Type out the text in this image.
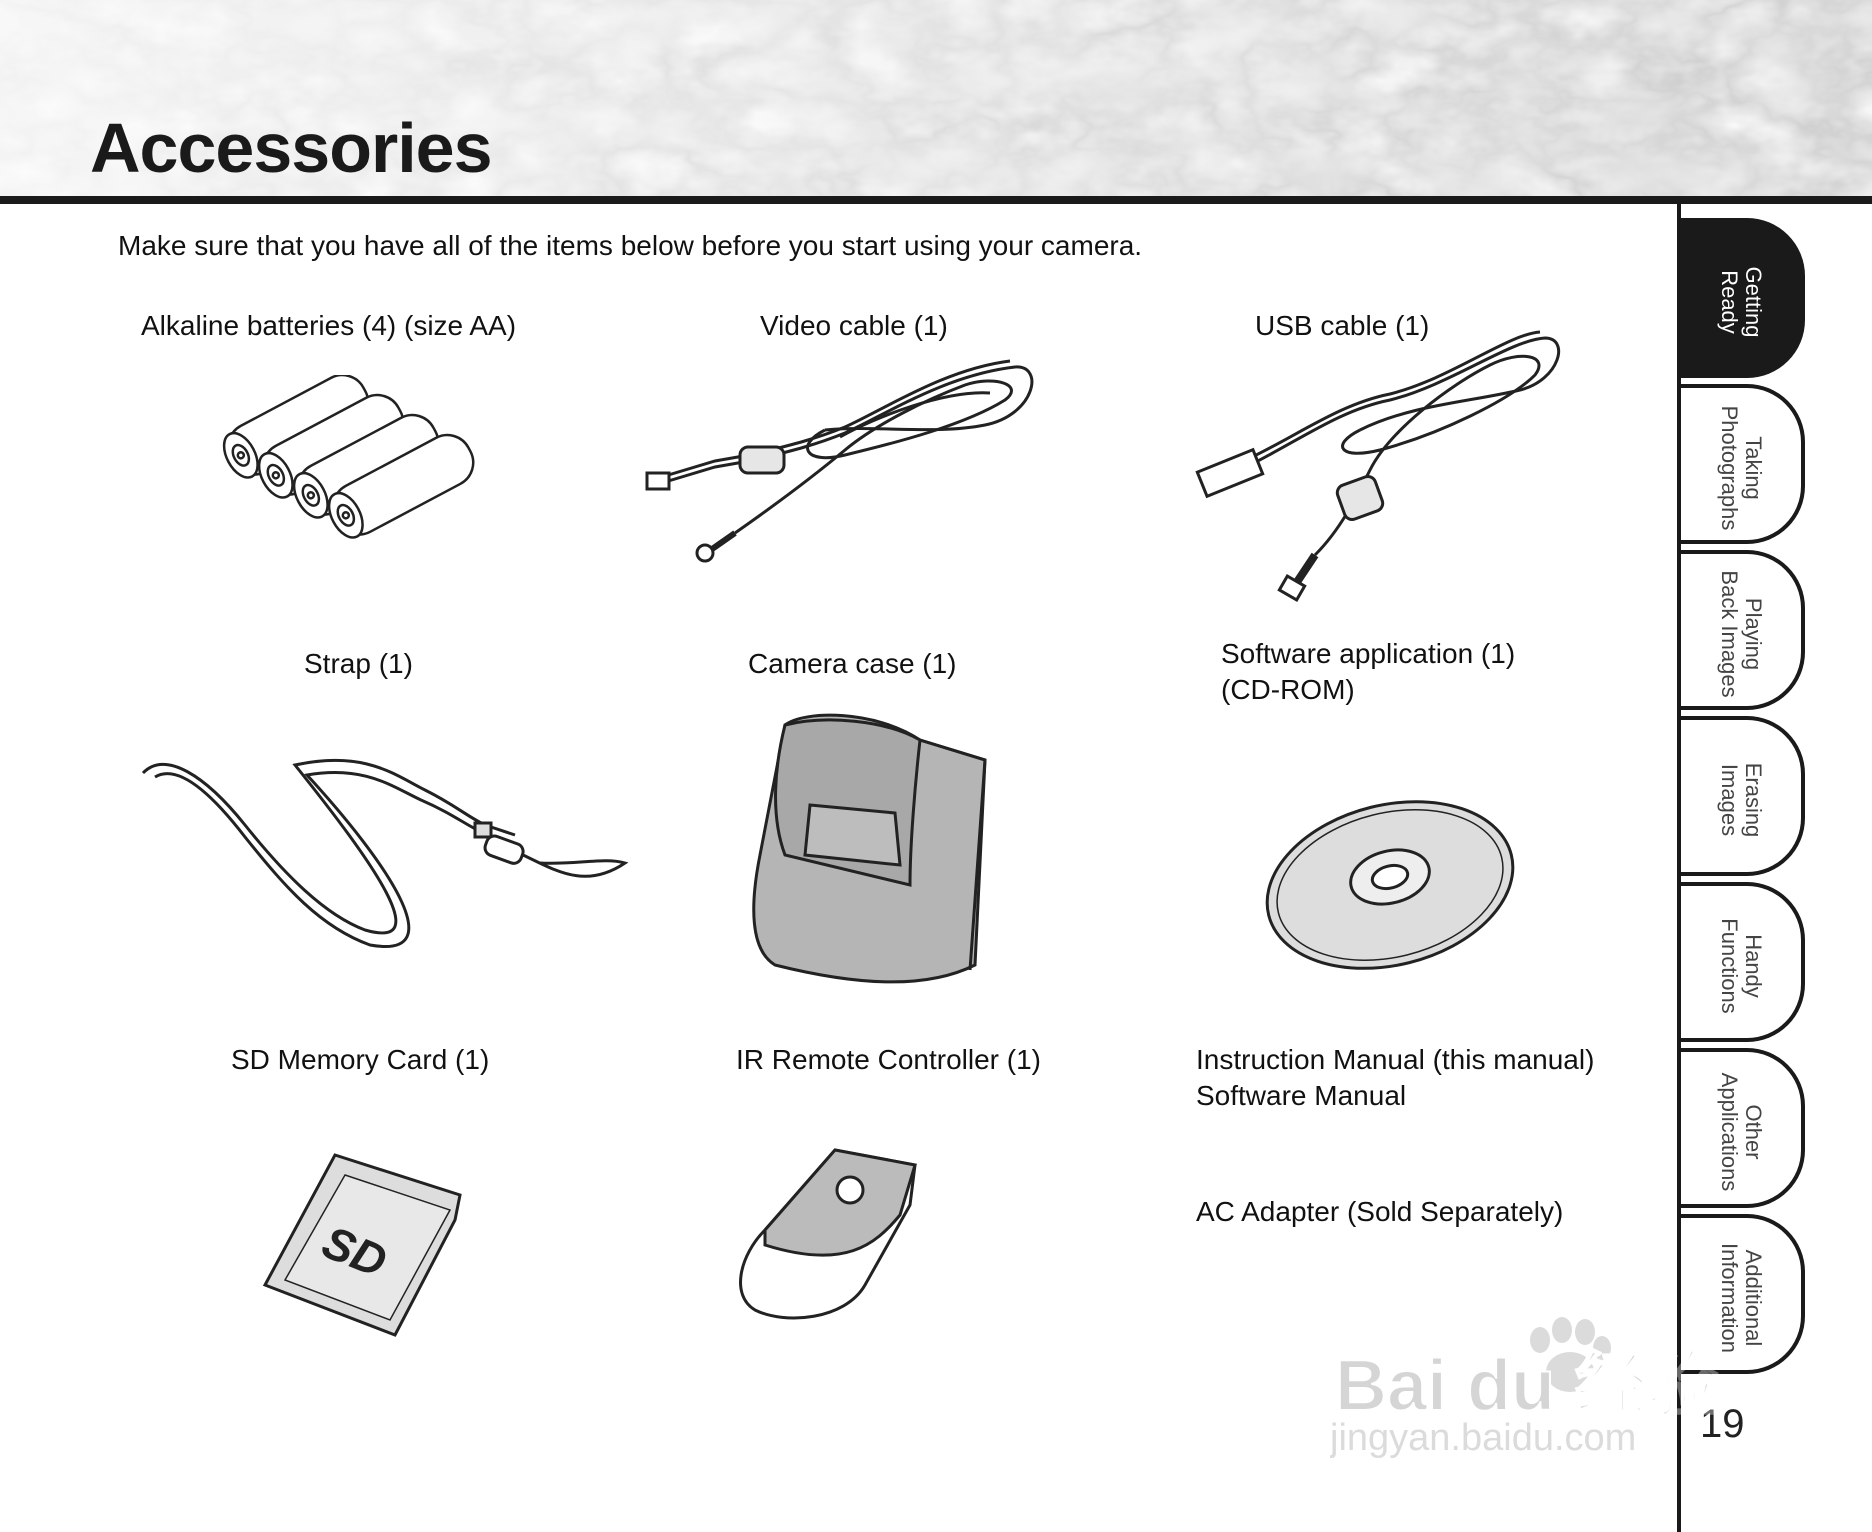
Accessories
Make sure that you have all of the items below before you start using your camera.
Alkaline batteries (4) (size AA)	Video cable (1)	USB cable (1)
Strap (1)	Camera case (1)	Software application (1)
(CD-ROM)
SD Memory Card (1)
SD
IR Remote Controller (1)	Instruction Manual (this manual)
Software Manual
AC Adapter (Sold Separately)
Getting
Ready
Taking
Photographs
Playing
Back Images
Erasing
Images
Handy
Functions
Other
Applications
Additional
Information
19
Bai du 经验
jingyan.baidu.com
